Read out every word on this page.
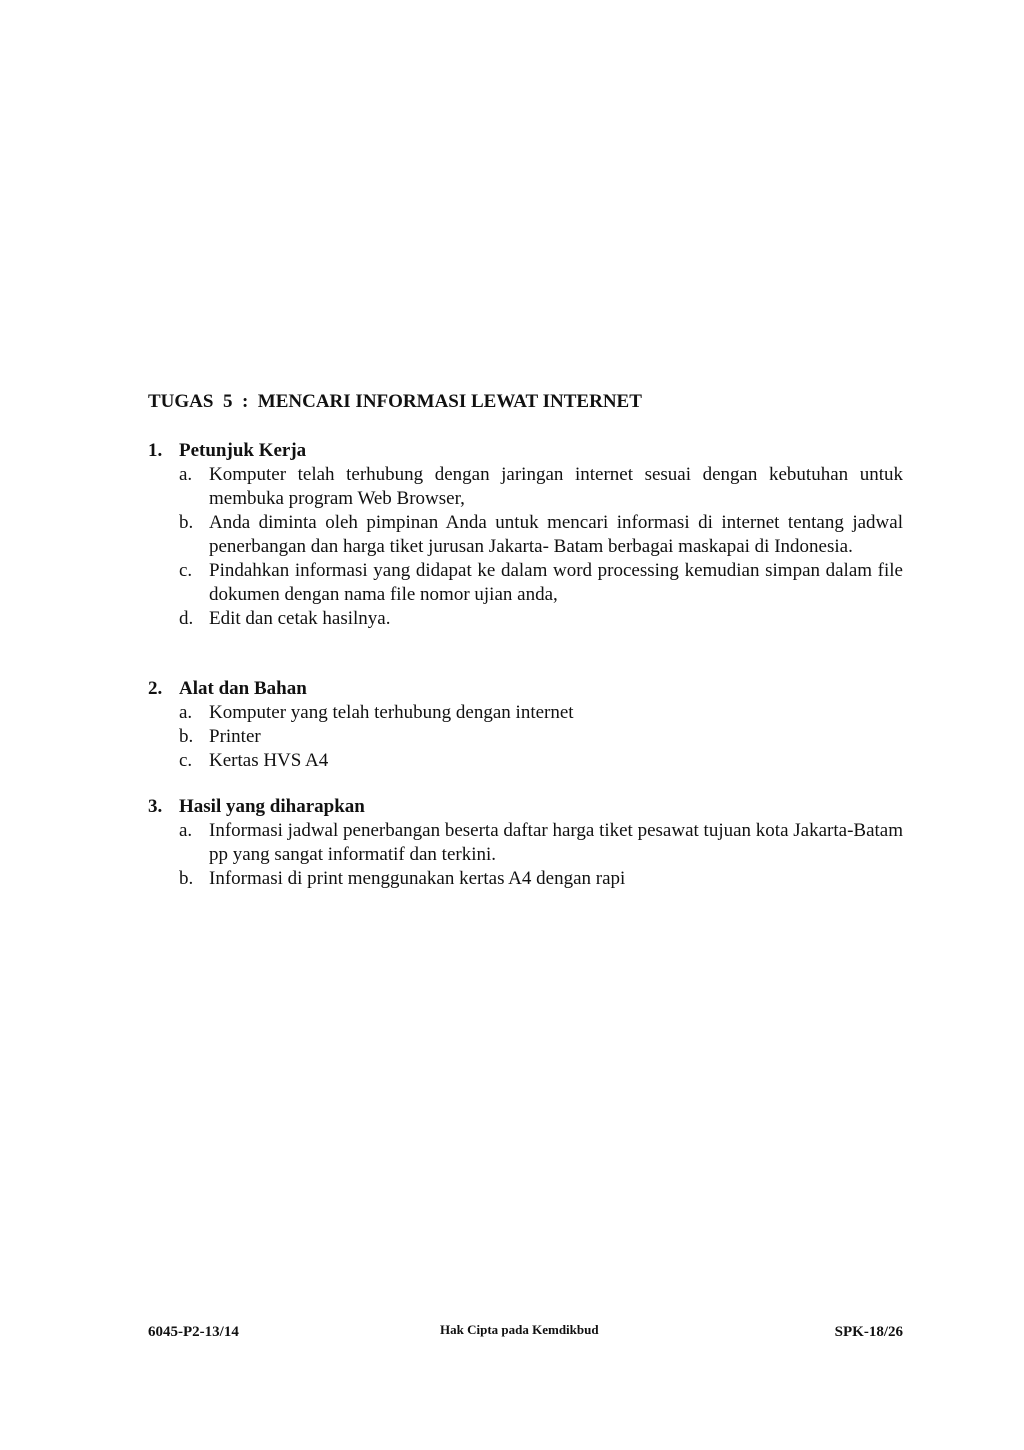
TUGAS  5  :  MENCARI INFORMASI LEWAT INTERNET
1. Petunjuk Kerja
a. Komputer telah terhubung dengan jaringan internet sesuai dengan kebutuhan untuk membuka program Web Browser,
b. Anda diminta oleh pimpinan Anda untuk mencari informasi di internet tentang jadwal penerbangan dan harga tiket jurusan Jakarta- Batam berbagai maskapai di Indonesia.
c. Pindahkan informasi yang didapat ke dalam word processing kemudian simpan dalam file dokumen dengan nama file nomor ujian anda,
d. Edit dan cetak hasilnya.
2. Alat dan Bahan
a. Komputer yang telah terhubung dengan internet
b. Printer
c. Kertas HVS A4
3. Hasil yang diharapkan
a. Informasi jadwal penerbangan beserta daftar harga tiket pesawat tujuan kota Jakarta-Batam pp yang sangat informatif dan terkini.
b. Informasi di print menggunakan kertas A4 dengan rapi
6045-P2-13/14	Hak Cipta pada Kemdikbud	SPK-18/26
